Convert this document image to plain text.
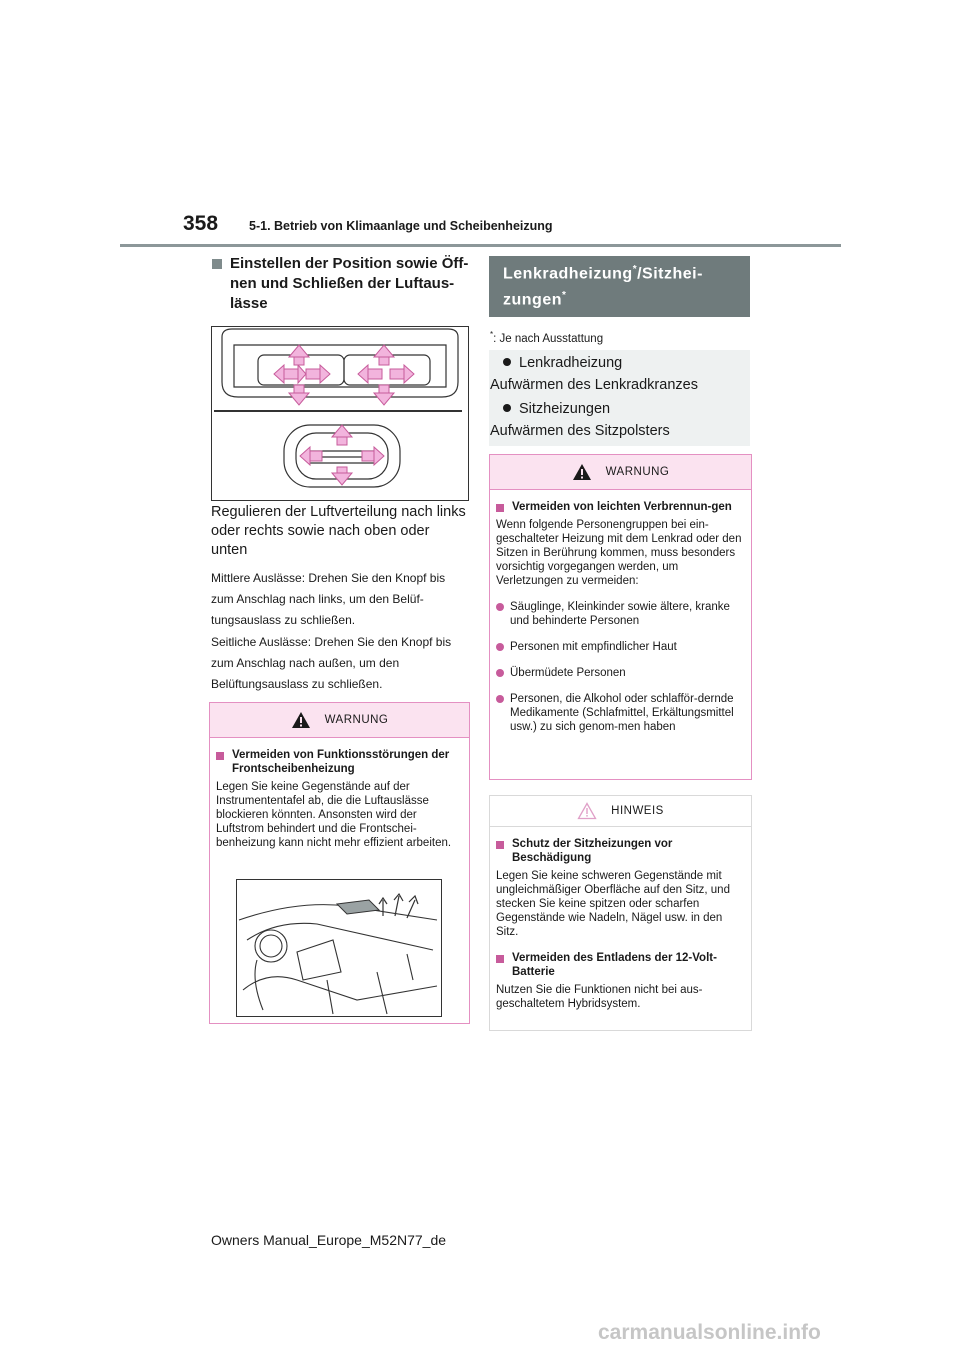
358 5-1. Betrieb von Klimaanlage und Scheibenheizung
Einstellen der Position sowie Öff-nen und Schließen der Luftaus-lässe
Regulieren der Luftverteilung nach links oder rechts sowie nach oben oder unten
Mittlere Auslässe: Drehen Sie den Knopf bis zum Anschlag nach links, um den Belüf-tungsauslass zu schließen.
Seitliche Auslässe: Drehen Sie den Knopf bis zum Anschlag nach außen, um den Belüftungsauslass zu schließen.
WARNUNG
Vermeiden von Funktionsstörungen der Frontscheibenheizung
Legen Sie keine Gegenstände auf der Instrumententafel ab, die die Luftauslässe blockieren könnten. Ansonsten wird der Luftstrom behindert und die Frontschei-benheizung kann nicht mehr effizient arbeiten.
Lenkradheizung*/Sitzhei-
zungen*
*: Je nach Ausstattung
Lenkradheizung
Aufwärmen des Lenkradkranzes
Sitzheizungen
Aufwärmen des Sitzpolsters
WARNUNG
Vermeiden von leichten Verbrennun-gen
Wenn folgende Personengruppen bei ein-geschalteter Heizung mit dem Lenkrad oder den Sitzen in Berührung kommen, muss besonders vorsichtig vorgegangen werden, um Verletzungen zu vermeiden:
Säuglinge, Kleinkinder sowie ältere, kranke und behinderte Personen
Personen mit empfindlicher Haut
Übermüdete Personen
Personen, die Alkohol oder schlafför-dernde Medikamente (Schlafmittel, Erkältungsmittel usw.) zu sich genom-men haben
HINWEIS
Schutz der Sitzheizungen vor Beschädigung
Legen Sie keine schweren Gegenstände mit ungleichmäßiger Oberfläche auf den Sitz, und stecken Sie keine spitzen oder scharfen Gegenstände wie Nadeln, Nägel usw. in den Sitz.
Vermeiden des Entladens der 12-Volt-Batterie
Nutzen Sie die Funktionen nicht bei aus-geschaltetem Hybridsystem.
Owners Manual_Europe_M52N77_de
carmanualsonline.info
